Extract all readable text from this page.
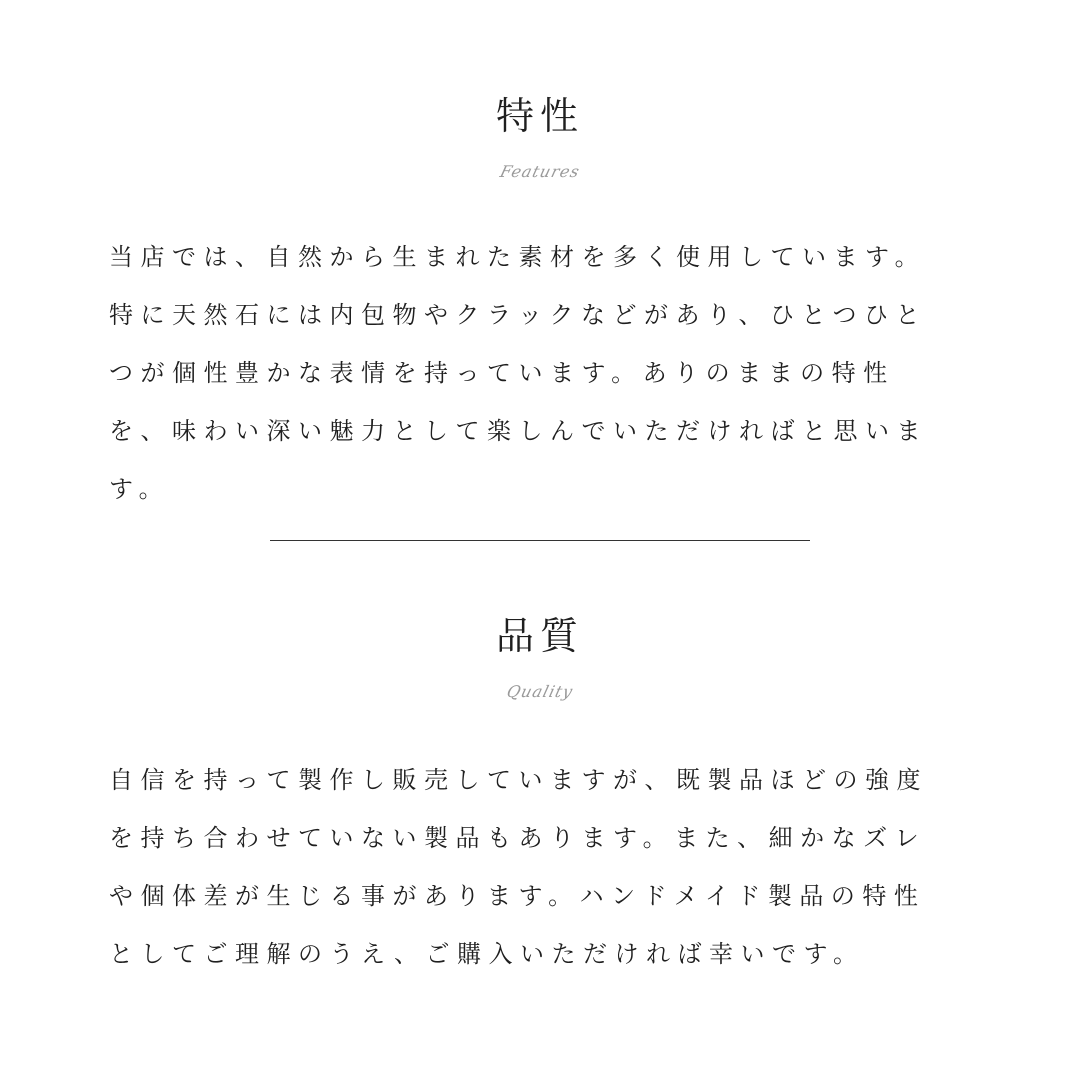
特性
Features

当店では、自然から生まれた素材を多く使用しています。特に天然石には内包物やクラックなどがあり、ひとつひとつが個性豊かな表情を持っています。ありのままの特性を、味わい深い魅力として楽しんでいただければと思います。

品質
Quality

自信を持って製作し販売していますが、既製品ほどの強度を持ち合わせていない製品もあります。また、細かなズレや個体差が生じる事があります。ハンドメイド製品の特性としてご理解のうえ、ご購入いただければ幸いです。
